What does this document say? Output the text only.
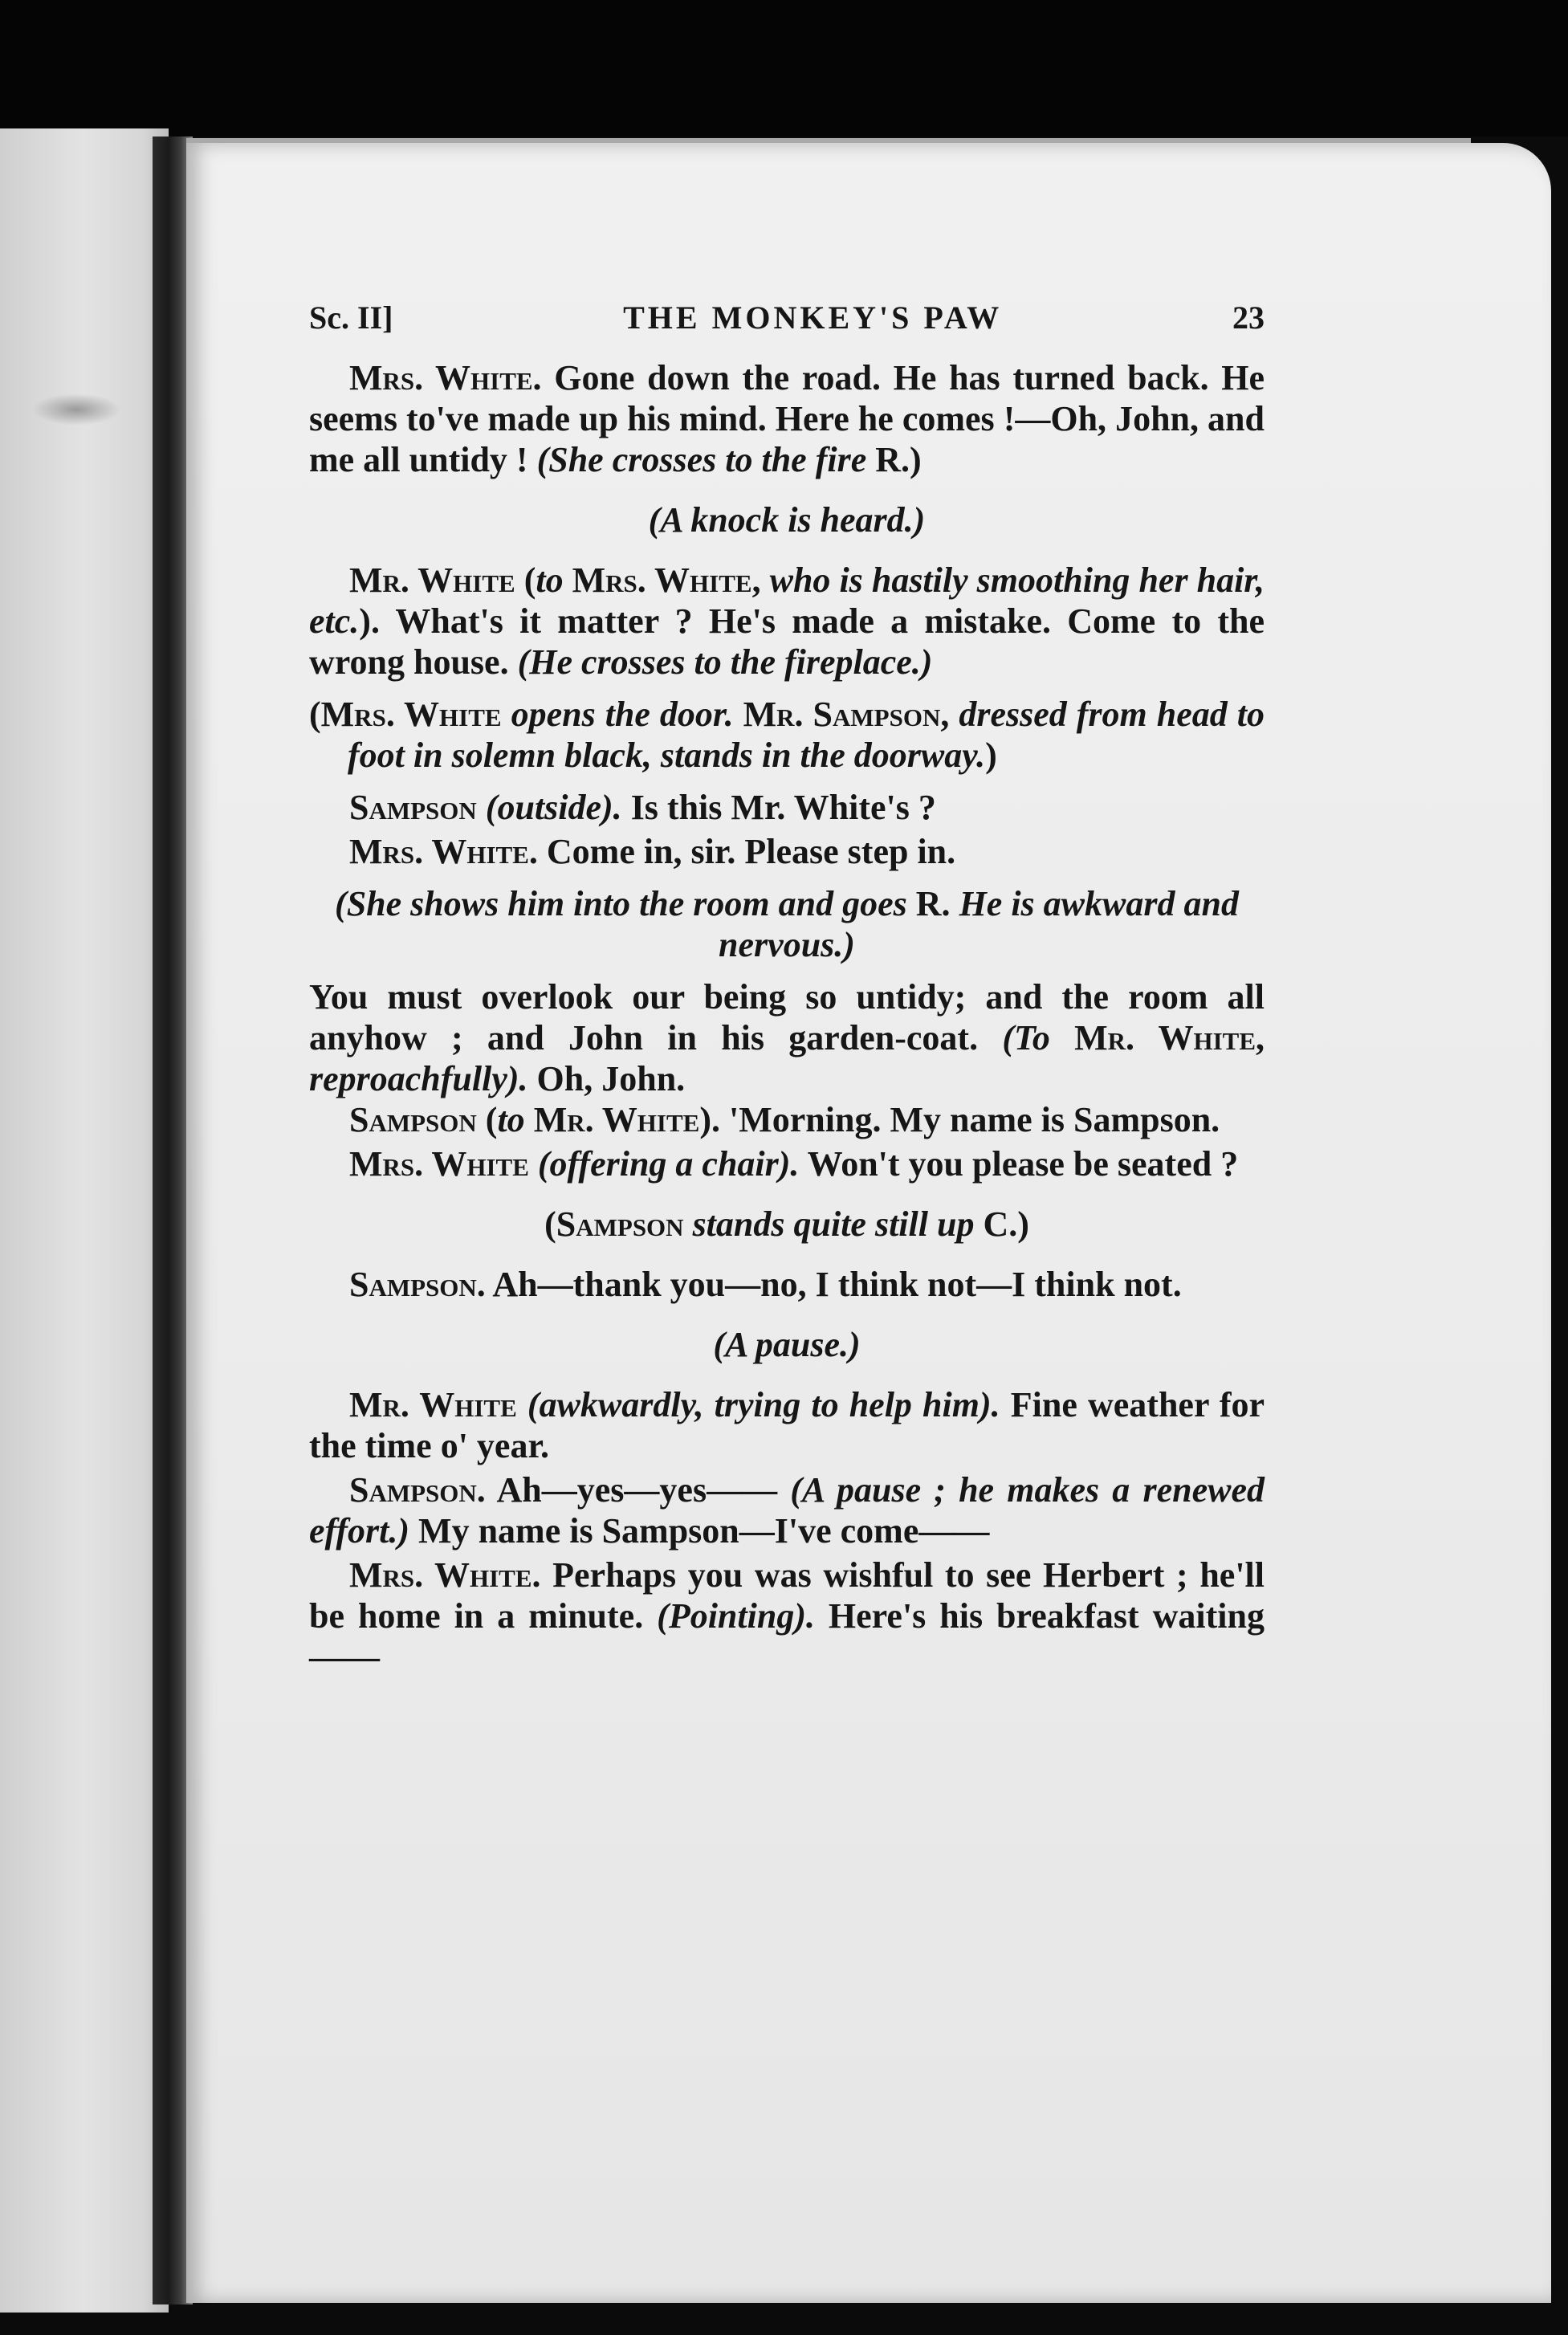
Sc. II]	THE MONKEY'S PAW	23

Mrs. White. Gone down the road. He has turned back. He seems to've made up his mind. Here he comes !—Oh, John, and me all untidy ! (She crosses to the fire R.)

(A knock is heard.)

Mr. White (to Mrs. White, who is hastily smoothing her hair, etc.). What's it matter ? He's made a mistake. Come to the wrong house. (He crosses to the fireplace.)

(Mrs. White opens the door. Mr. Sampson, dressed from head to foot in solemn black, stands in the doorway.)

Sampson (outside). Is this Mr. White's ?

Mrs. White. Come in, sir. Please step in.

(She shows him into the room and goes R. He is awkward and nervous.)

You must overlook our being so untidy; and the room all anyhow ; and John in his garden-coat. (To Mr. White, reproachfully). Oh, John.

Sampson (to Mr. White). 'Morning. My name is Sampson.

Mrs. White (offering a chair). Won't you please be seated ?

(Sampson stands quite still up C.)

Sampson. Ah—thank you—no, I think not—I think not.

(A pause.)

Mr. White (awkwardly, trying to help him). Fine weather for the time o' year.

Sampson. Ah—yes—yes—— (A pause ; he makes a renewed effort.) My name is Sampson—I've come——

Mrs. White. Perhaps you was wishful to see Herbert ; he'll be home in a minute. (Pointing). Here's his breakfast waiting——
